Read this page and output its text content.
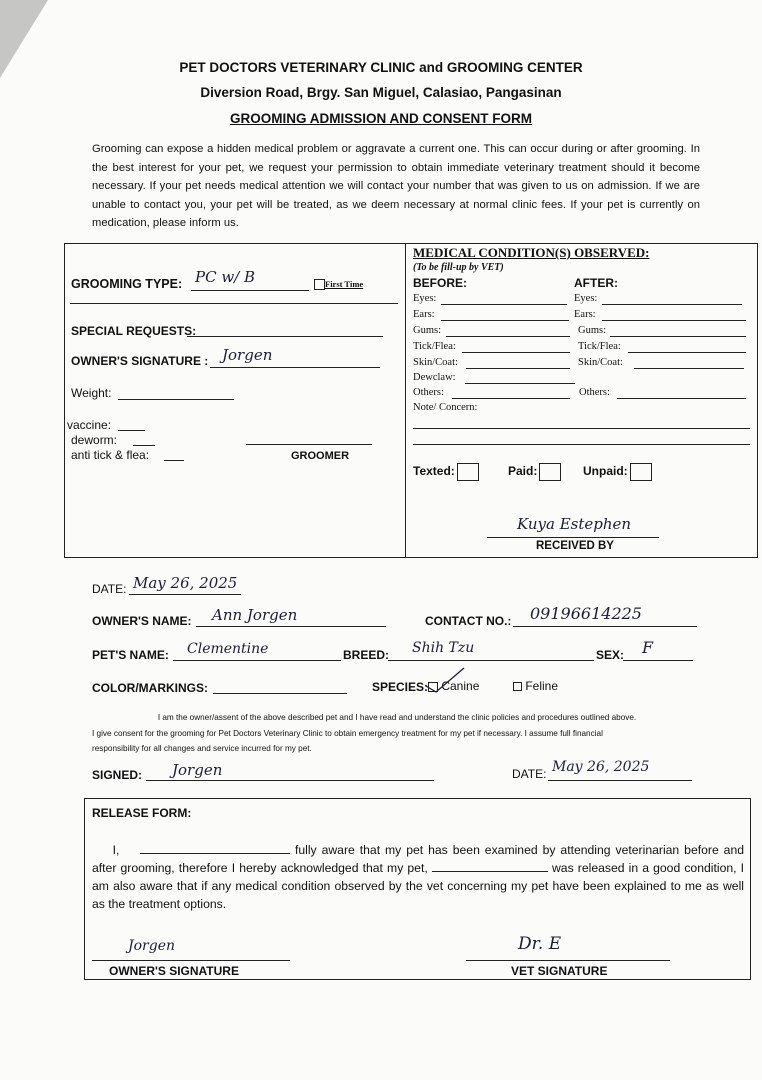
PET DOCTORS VETERINARY CLINIC and GROOMING CENTER
Diversion Road, Brgy. San Miguel, Calasiao, Pangasinan
GROOMING ADMISSION AND CONSENT FORM
Grooming can expose a hidden medical problem or aggravate a current one. This can occur during or after grooming. In the best interest for your pet, we request your permission to obtain immediate veterinary treatment should it become necessary. If your pet needs medical attention we will contact your number that was given to us on admission. If we are unable to contact you, your pet will be treated, as we deem necessary at normal clinic fees. If your pet is currently on medication, please inform us.
GROOMING TYPE: PC w/ B	First Time
SPECIAL REQUESTS:
OWNER'S SIGNATURE : Jorgen
Weight:
vaccine:
deworm:
anti tick & flea:	GROOMER
MEDICAL CONDITION(S) OBSERVED:
(To be fill-up by VET)
BEFORE:	AFTER:
Eyes:	Eyes:
Ears:	Ears:
Gums:	Gums:
Tick/Flea:	Tick/Flea:
Skin/Coat:	Skin/Coat:
Dewclaw:
Others:	Others:
Note/ Concern:
Texted:	Paid:	Unpaid:
Kuya Estephen
RECEIVED BY
DATE: May 26, 2025
OWNER'S NAME: Ann Jorgen	CONTACT NO.: 09196614225
PET'S NAME: Clementine	BREED: Shih Tzu	SEX: F
COLOR/MARKINGS:	SPECIES:	Canine	Feline
I am the owner/assent of the above described pet and I have read and understand the clinic policies and procedures outlined above.
I give consent for the grooming for Pet Doctors Veterinary Clinic to obtain emergency treatment for my pet if necessary. I assume full financial
responsibility for all changes and service incurred for my pet.
SIGNED: Jorgen	DATE: May 26, 2025
RELEASE FORM:
I,	fully aware that my pet has been examined by attending veterinarian before and after grooming, therefore I hereby acknowledged that my pet,	was released in a good condition, I am also aware that if any medical condition observed by the vet concerning my pet have been explained to me as well as the treatment options.
Jorgen
OWNER'S SIGNATURE
Dr. E
VET SIGNATURE
